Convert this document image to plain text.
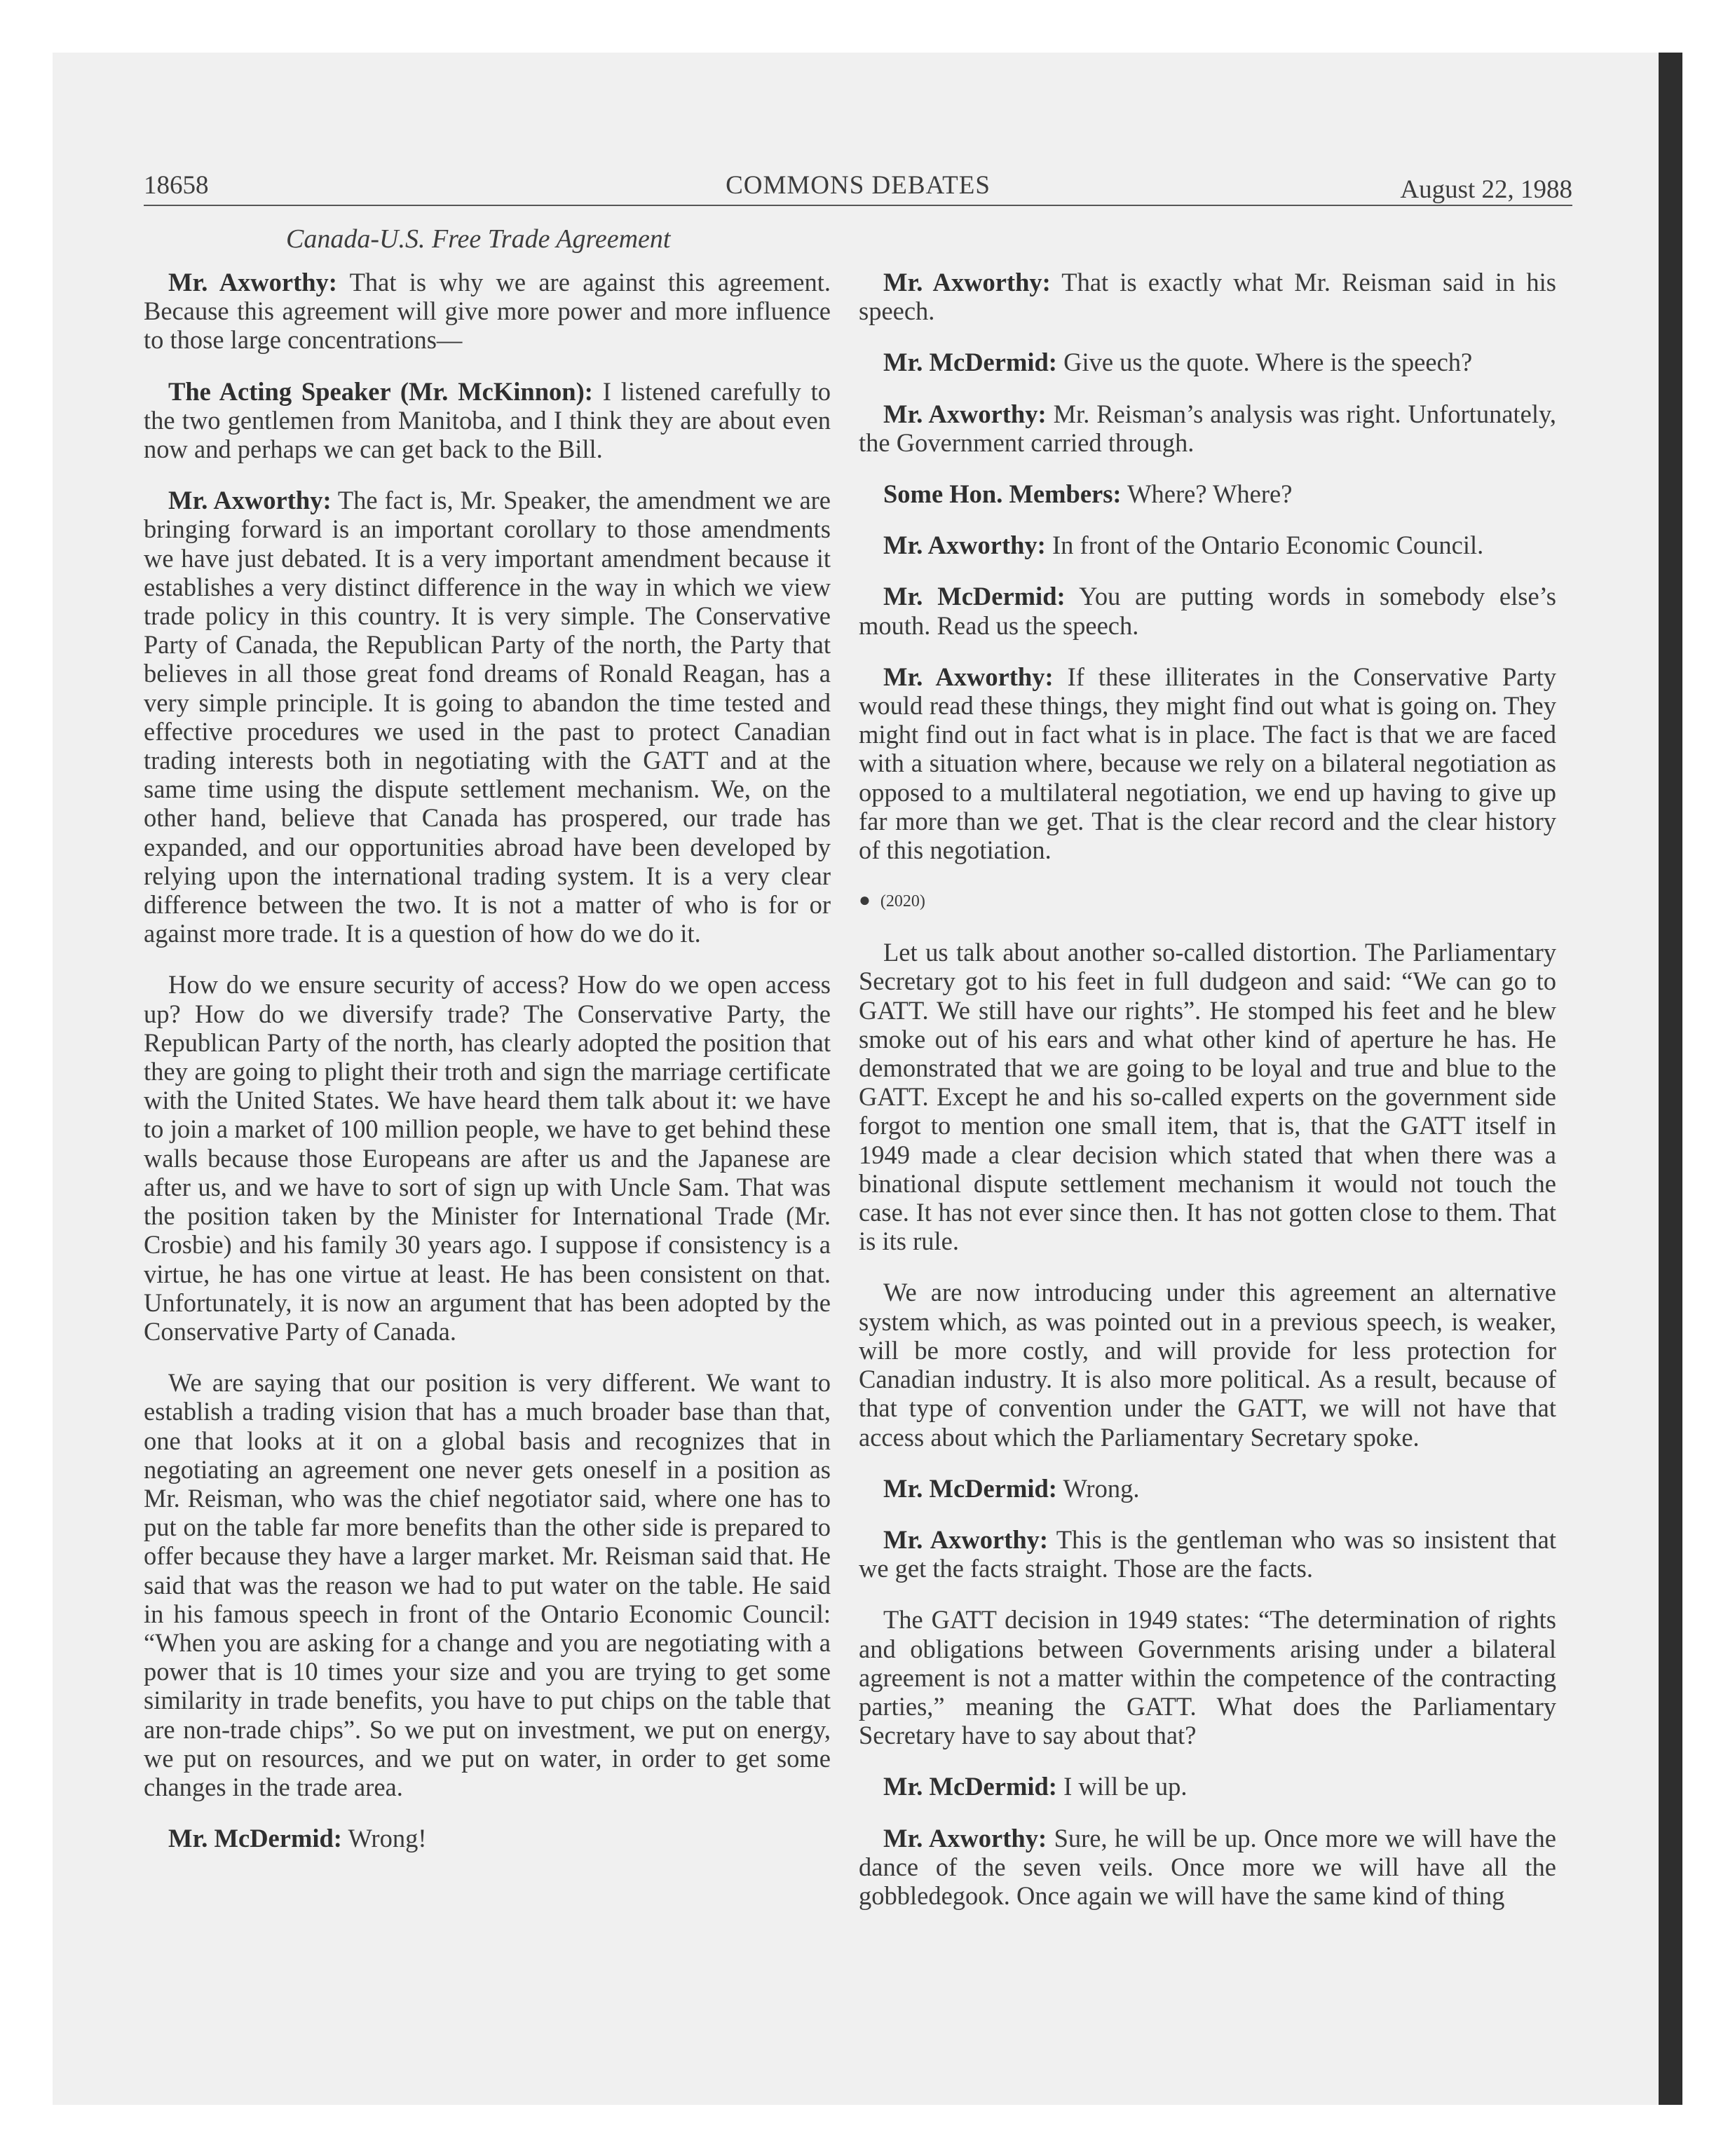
18658	COMMONS DEBATES	August 22, 1988
Canada-U.S. Free Trade Agreement

Mr. Axworthy: That is why we are against this agreement. Because this agreement will give more power and more influence to those large concentrations—

The Acting Speaker (Mr. McKinnon): I listened carefully to the two gentlemen from Manitoba, and I think they are about even now and perhaps we can get back to the Bill.

Mr. Axworthy: The fact is, Mr. Speaker, the amendment we are bringing forward is an important corollary to those amendments we have just debated. It is a very important amendment because it establishes a very distinct difference in the way in which we view trade policy in this country. It is very simple. The Conservative Party of Canada, the Republican Party of the north, the Party that believes in all those great fond dreams of Ronald Reagan, has a very simple principle. It is going to abandon the time tested and effective procedures we used in the past to protect Canadian trading interests both in negotiating with the GATT and at the same time using the dispute settlement mechanism. We, on the other hand, believe that Canada has prospered, our trade has expanded, and our opportunities abroad have been developed by relying upon the international trading system. It is a very clear difference between the two. It is not a matter of who is for or against more trade. It is a question of how do we do it.

How do we ensure security of access? How do we open access up? How do we diversify trade? The Conservative Party, the Republican Party of the north, has clearly adopted the position that they are going to plight their troth and sign the marriage certificate with the United States. We have heard them talk about it: we have to join a market of 100 million people, we have to get behind these walls because those Europeans are after us and the Japanese are after us, and we have to sort of sign up with Uncle Sam. That was the position taken by the Minister for International Trade (Mr. Crosbie) and his family 30 years ago. I suppose if consistency is a virtue, he has one virtue at least. He has been consistent on that. Unfortunately, it is now an argument that has been adopted by the Conservative Party of Canada.

We are saying that our position is very different. We want to establish a trading vision that has a much broader base than that, one that looks at it on a global basis and recognizes that in negotiating an agreement one never gets oneself in a position as Mr. Reisman, who was the chief negotiator said, where one has to put on the table far more benefits than the other side is prepared to offer because they have a larger market. Mr. Reisman said that. He said that was the reason we had to put water on the table. He said in his famous speech in front of the Ontario Economic Council: “When you are asking for a change and you are negotiating with a power that is 10 times your size and you are trying to get some similarity in trade benefits, you have to put chips on the table that are non-trade chips”. So we put on investment, we put on energy, we put on resources, and we put on water, in order to get some changes in the trade area.

Mr. McDermid: Wrong!

Mr. Axworthy: That is exactly what Mr. Reisman said in his speech.

Mr. McDermid: Give us the quote. Where is the speech?

Mr. Axworthy: Mr. Reisman’s analysis was right. Unfortunately, the Government carried through.

Some Hon. Members: Where? Where?

Mr. Axworthy: In front of the Ontario Economic Council.

Mr. McDermid: You are putting words in somebody else’s mouth. Read us the speech.

Mr. Axworthy: If these illiterates in the Conservative Party would read these things, they might find out what is going on. They might find out in fact what is in place. The fact is that we are faced with a situation where, because we rely on a bilateral negotiation as opposed to a multilateral negotiation, we end up having to give up far more than we get. That is the clear record and the clear history of this negotiation.

● (2020)

Let us talk about another so-called distortion. The Parliamentary Secretary got to his feet in full dudgeon and said: “We can go to GATT. We still have our rights”. He stomped his feet and he blew smoke out of his ears and what other kind of aperture he has. He demonstrated that we are going to be loyal and true and blue to the GATT. Except he and his so-called experts on the government side forgot to mention one small item, that is, that the GATT itself in 1949 made a clear decision which stated that when there was a binational dispute settlement mechanism it would not touch the case. It has not ever since then. It has not gotten close to them. That is its rule.

We are now introducing under this agreement an alternative system which, as was pointed out in a previous speech, is weaker, will be more costly, and will provide for less protection for Canadian industry. It is also more political. As a result, because of that type of convention under the GATT, we will not have that access about which the Parliamentary Secretary spoke.

Mr. McDermid: Wrong.

Mr. Axworthy: This is the gentleman who was so insistent that we get the facts straight. Those are the facts.

The GATT decision in 1949 states: “The determination of rights and obligations between Governments arising under a bilateral agreement is not a matter within the competence of the contracting parties,” meaning the GATT. What does the Parliamentary Secretary have to say about that?

Mr. McDermid: I will be up.

Mr. Axworthy: Sure, he will be up. Once more we will have the dance of the seven veils. Once more we will have all the gobbledegook. Once again we will have the same kind of thing
